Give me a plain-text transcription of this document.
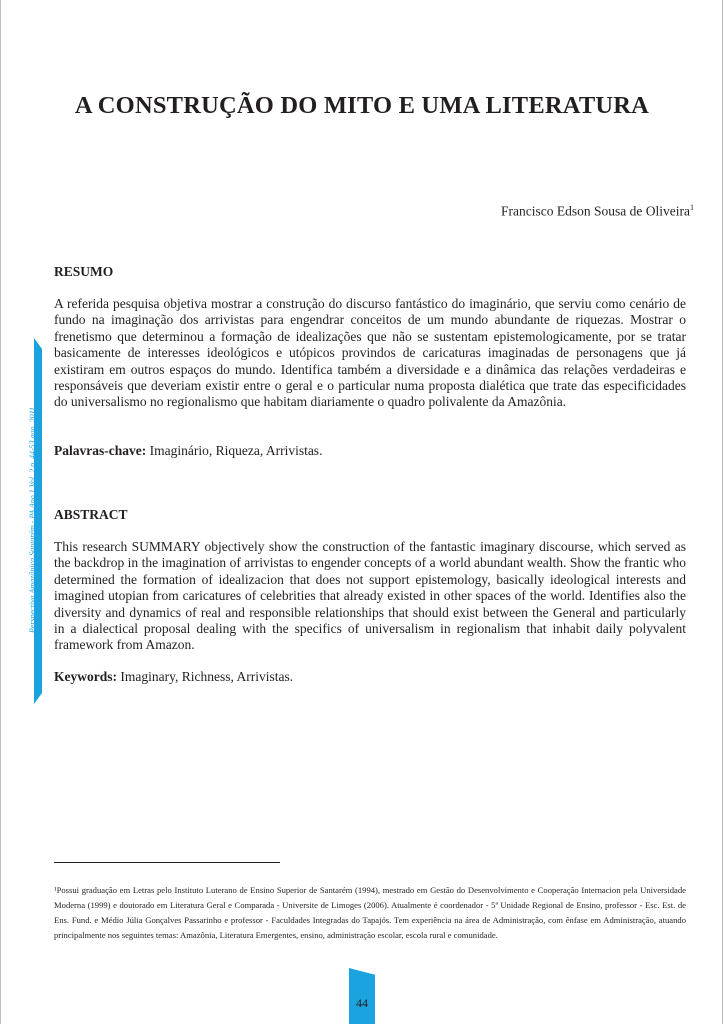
Perspectiva Amazônica Santarém - PA Ano 1 Vol. 2 p. 44-53 ago. 2011
A CONSTRUÇÃO DO MITO E UMA LITERATURA
Francisco Edson Sousa de Oliveira$^1$
RESUMO

A referida pesquisa objetiva mostrar a construção do discurso fantástico do imaginário, que serviu como cenário de fundo na imaginação dos arrivistas para engendrar conceitos de um mundo abundante de riquezas. Mostrar o frenetismo que determinou a formação de idealizações que não se sustentam epistemologicamente, por se tratar basicamente de interesses ideológicos e utópicos provindos de caricaturas imaginadas de personagens que já existiram em outros espaços do mundo. Identifica também a diversidade e a dinâmica das relações verdadeiras e responsáveis que deveriam existir entre o geral e o particular numa proposta dialética que trate das especificidades do universalismo no regionalismo que habitam diariamente o quadro polivalente da Amazônia.

Palavras-chave: Imaginário, Riqueza, Arrivistas.
ABSTRACT

This research SUMMARY objectively show the construction of the fantastic imaginary discourse, which served as the backdrop in the imagination of arrivistas to engender concepts of a world abundant wealth. Show the frantic who determined the formation of idealizacion that does not support epistemology, basically ideological interests and imagined utopian from caricatures of celebrities that already existed in other spaces of the world. Identifies also the diversity and dynamics of real and responsible relationships that should exist between the General and particularly in a dialectical proposal dealing with the specifics of universalism in regionalism that inhabit daily polyvalent framework from Amazon.

Keywords: Imaginary, Richness, Arrivistas.

¹Possui graduação em Letras pelo Instituto Luterano de Ensino Superior de Santarém (1994), mestrado em Gestão do Desenvolvimento e Cooperação Internacion pela Universidade Moderna (1999) e doutorado em Literatura Geral e Comparada - Universite de Limoges (2006). Atualmente é coordenador - 5ª Unidade Regional de Ensino, professor - Esc. Est. de Ens. Fund. e Médio Júlia Gonçalves Passarinho e professor - Faculdades Integradas do Tapajós. Tem experiência na área de Administração, com ênfase em Administração, atuando principalmente nos seguintes temas: Amazônia, Literatura Emergentes, ensino, administração escolar, escola rural e comunidade.

44
